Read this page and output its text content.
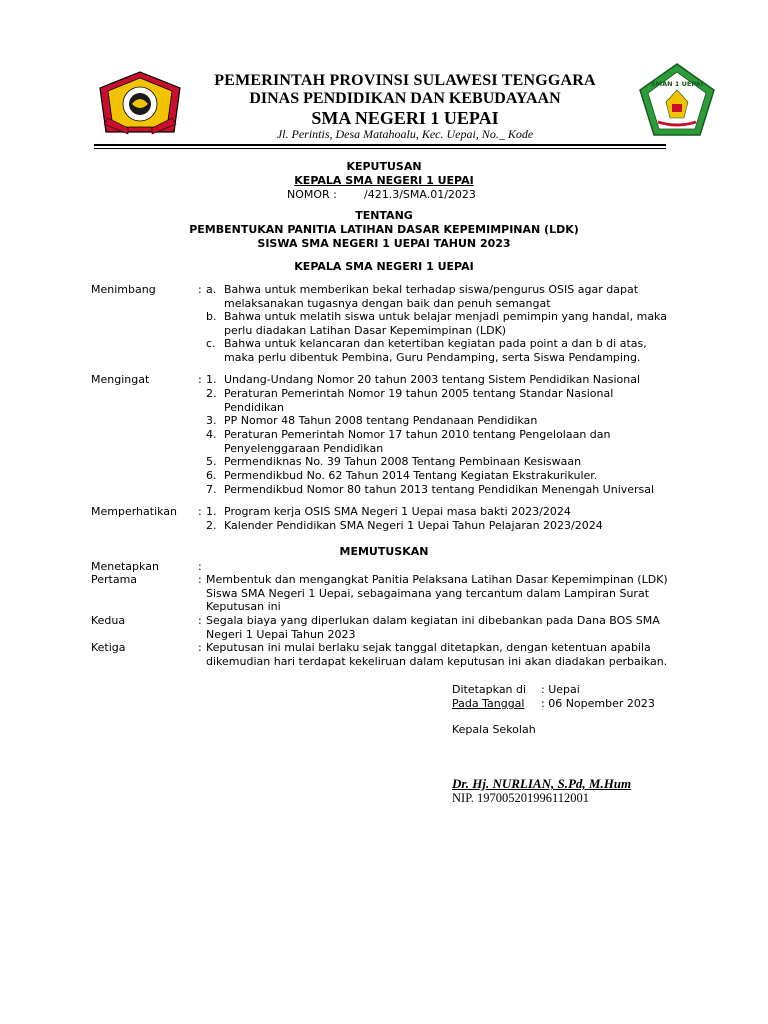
SMAN 1 UEPAI
PEMERINTAH PROVINSI SULAWESI TENGGARA
DINAS PENDIDIKAN DAN KEBUDAYAAN
SMA NEGERI 1 UEPAI
Jl. Perintis, Desa Matahoalu, Kec. Uepai, No._ Kode
KEPUTUSAN
KEPALA SMA NEGERI 1 UEPAI
NOMOR : /421.3/SMA.01/2023
TENTANG
PEMBENTUKAN PANITIA LATIHAN DASAR KEPEMIMPINAN (LDK)
SISWA SMA NEGERI 1 UEPAI TAHUN 2023
KEPALA SMA NEGERI 1 UEPAI
Menimbang	: a. Bahwa untuk memberikan bekal terhadap siswa/pengurus OSIS agar dapat
melaksanakan tugasnya dengan baik dan penuh semangat
b. Bahwa untuk melatih siswa untuk belajar menjadi pemimpin yang handal, maka
perlu diadakan Latihan Dasar Kepemimpinan (LDK)
c. Bahwa untuk kelancaran dan ketertiban kegiatan pada point a dan b di atas,
maka perlu dibentuk Pembina, Guru Pendamping, serta Siswa Pendamping.
Mengingat	: 1. Undang-Undang Nomor 20 tahun 2003 tentang Sistem Pendidikan Nasional
2. Peraturan Pemerintah Nomor 19 tahun 2005 tentang Standar Nasional
Pendidikan
3. PP Nomor 48 Tahun 2008 tentang Pendanaan Pendidikan
4. Peraturan Pemerintah Nomor 17 tahun 2010 tentang Pengelolaan dan
Penyelenggaraan Pendidikan
5. Permendiknas No. 39 Tahun 2008 Tentang Pembinaan Kesiswaan
6. Permendikbud No. 62 Tahun 2014 Tentang Kegiatan Ekstrakurikuler.
7. Permendikbud Nomor 80 tahun 2013 tentang Pendidikan Menengah Universal
Memperhatikan : 1. Program kerja OSIS SMA Negeri 1 Uepai masa bakti 2023/2024
2. Kalender Pendidikan SMA Negeri 1 Uepai Tahun Pelajaran 2023/2024
MEMUTUSKAN
Menetapkan	:
Pertama	: Membentuk dan mengangkat Panitia Pelaksana Latihan Dasar Kepemimpinan (LDK)
Siswa SMA Negeri 1 Uepai, sebagaimana yang tercantum dalam Lampiran Surat
Keputusan ini
Kedua	: Segala biaya yang diperlukan dalam kegiatan ini dibebankan pada Dana BOS SMA
Negeri 1 Uepai Tahun 2023
Ketiga	: Keputusan ini mulai berlaku sejak tanggal ditetapkan, dengan ketentuan apabila
dikemudian hari terdapat kekeliruan dalam keputusan ini akan diadakan perbaikan.
Ditetapkan di : Uepai
Pada Tanggal : 06 Nopember 2023
Kepala Sekolah
Dr. Hj. NURLIAN, S.Pd, M.Hum
NIP. 197005201996112001
